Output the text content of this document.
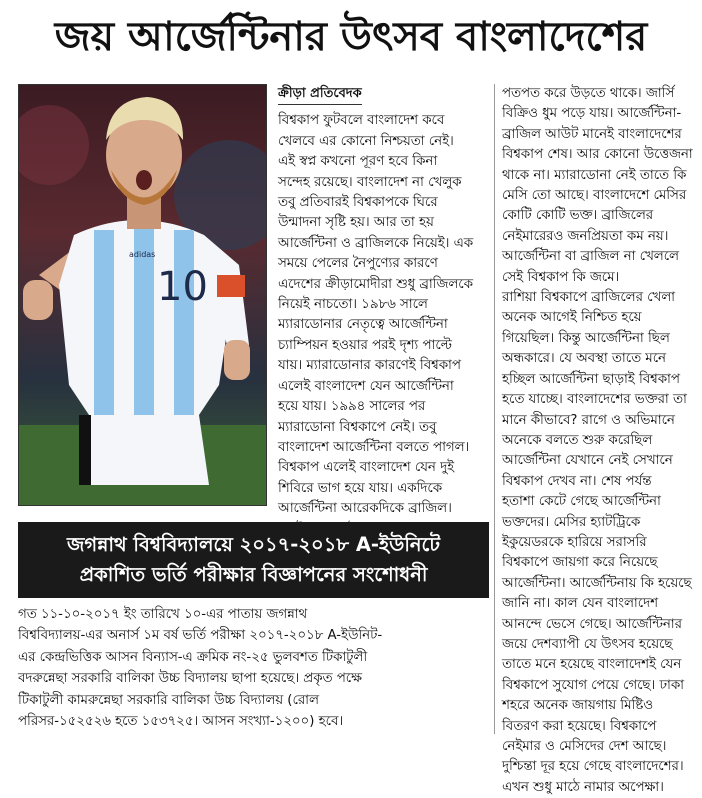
জয় আর্জেন্টিনার উৎসব বাংলাদেশের
10
adidas
ক্রীড়া প্রতিবেদক
বিশ্বকাপ ফুটবলে বাংলাদেশ কবে
খেলবে এর কোনো নিশ্চয়তা নেই।
এই স্বপ্ন কখনো পূরণ হবে কিনা
সন্দেহ রয়েছে। বাংলাদেশ না খেলুক
তবু প্রতিবারই বিশ্বকাপকে ঘিরে
উন্মাদনা সৃষ্টি হয়। আর তা হয়
আর্জেন্টিনা ও ব্রাজিলকে নিয়েই। এক
সময়ে পেলের নৈপুণ্যের কারণে
এদেশের ক্রীড়ামোদীরা শুধু ব্রাজিলকে
নিয়েই নাচতো। ১৯৮৬ সালে
ম্যারাডোনার নেতৃত্বে আর্জেন্টিনা
চ্যাম্পিয়ন হওয়ার পরই দৃশ্য পাল্টে
যায়। ম্যারাডোনার কারণেই বিশ্বকাপ
এলেই বাংলাদেশ যেন আর্জেন্টিনা
হয়ে যায়। ১৯৯৪ সালের পর
ম্যারাডোনা বিশ্বকাপে নেই। তবু
বাংলাদেশ আর্জেন্টিনা বলতে পাগল।
বিশ্বকাপ এলেই বাংলাদেশ যেন দুই
শিবিরে ভাগ হয়ে যায়। একদিকে
আর্জেন্টিনা আরেকদিকে ব্রাজিল।
পতপত করে উড়তে থাকে। জার্সি
বিক্রিও ধুম পড়ে যায়। আর্জেন্টিনা-
ব্রাজিল আউট মানেই বাংলাদেশের
বিশ্বকাপ শেষ। আর কোনো উত্তেজনা
থাকে না। ম্যারাডোনা নেই তাতে কি
মেসি তো আছে। বাংলাদেশে মেসির
কোটি কোটি ভক্ত। ব্রাজিলের
নেইমারেরও জনপ্রিয়তা কম নয়।
আর্জেন্টিনা বা ব্রাজিল না খেললে
সেই বিশ্বকাপ কি জমে।
রাশিয়া বিশ্বকাপে ব্রাজিলের খেলা
অনেক আগেই নিশ্চিত হয়ে
গিয়েছিল। কিন্তু আর্জেন্টিনা ছিল
অন্ধকারে। যে অবস্থা তাতে মনে
হচ্ছিল আর্জেন্টিনা ছাড়াই বিশ্বকাপ
হতে যাচ্ছে। বাংলাদেশের ভক্তরা তা
মানে কীভাবে? রাগে ও অভিমানে
অনেকে বলতে শুরু করেছিল
আর্জেন্টিনা যেখানে নেই সেখানে
বিশ্বকাপ দেখব না। শেষ পর্যন্ত
হতাশা কেটে গেছে আর্জেন্টিনা
ভক্তদের। মেসির হ্যাটট্রিকে
ইকুয়েডরকে হারিয়ে সরাসরি
বিশ্বকাপে জায়গা করে নিয়েছে
আর্জেন্টিনা। আর্জেন্টিনায় কি হয়েছে
জানি না। কাল যেন বাংলাদেশ
আনন্দে ভেসে গেছে। আর্জেন্টিনার
জয়ে দেশব্যাপী যে উৎসব হয়েছে
তাতে মনে হয়েছে বাংলাদেশই যেন
বিশ্বকাপে সুযোগ পেয়ে গেছে। ঢাকা
শহরে অনেক জায়গায় মিষ্টিও
বিতরণ করা হয়েছে। বিশ্বকাপে
নেইমার ও মেসিদের দেশ আছে।
দুশ্চিন্তা দূর হয়ে গেছে বাংলাদেশের।
এখন শুধু মাঠে নামার অপেক্ষা।
জগন্নাথ বিশ্ববিদ্যালয়ে ২০১৭-২০১৮ A-ইউনিটে
প্রকাশিত ভর্তি পরীক্ষার বিজ্ঞাপনের সংশোধনী
গত ১১-১০-২০১৭ ইং তারিখে ১০-এর পাতায় জগন্নাথ
বিশ্ববিদ্যালয়-এর অনার্স ১ম বর্ষ ভর্তি পরীক্ষা ২০১৭-২০১৮ A-ইউনিট-
এর কেন্দ্রভিত্তিক আসন বিন্যাস-এ ক্রমিক নং-২৫ ভুলবশত টিকাটুলী
বদরুন্নেছা সরকারি বালিকা উচ্চ বিদ্যালয় ছাপা হয়েছে। প্রকৃত পক্ষে
টিকাটুলী কামরুন্নেছা সরকারি বালিকা উচ্চ বিদ্যালয় (রোল
পরিসর-১৫২৫২৬ হতে ১৫৩৭২৫। আসন সংখ্যা-১২০০) হবে।
